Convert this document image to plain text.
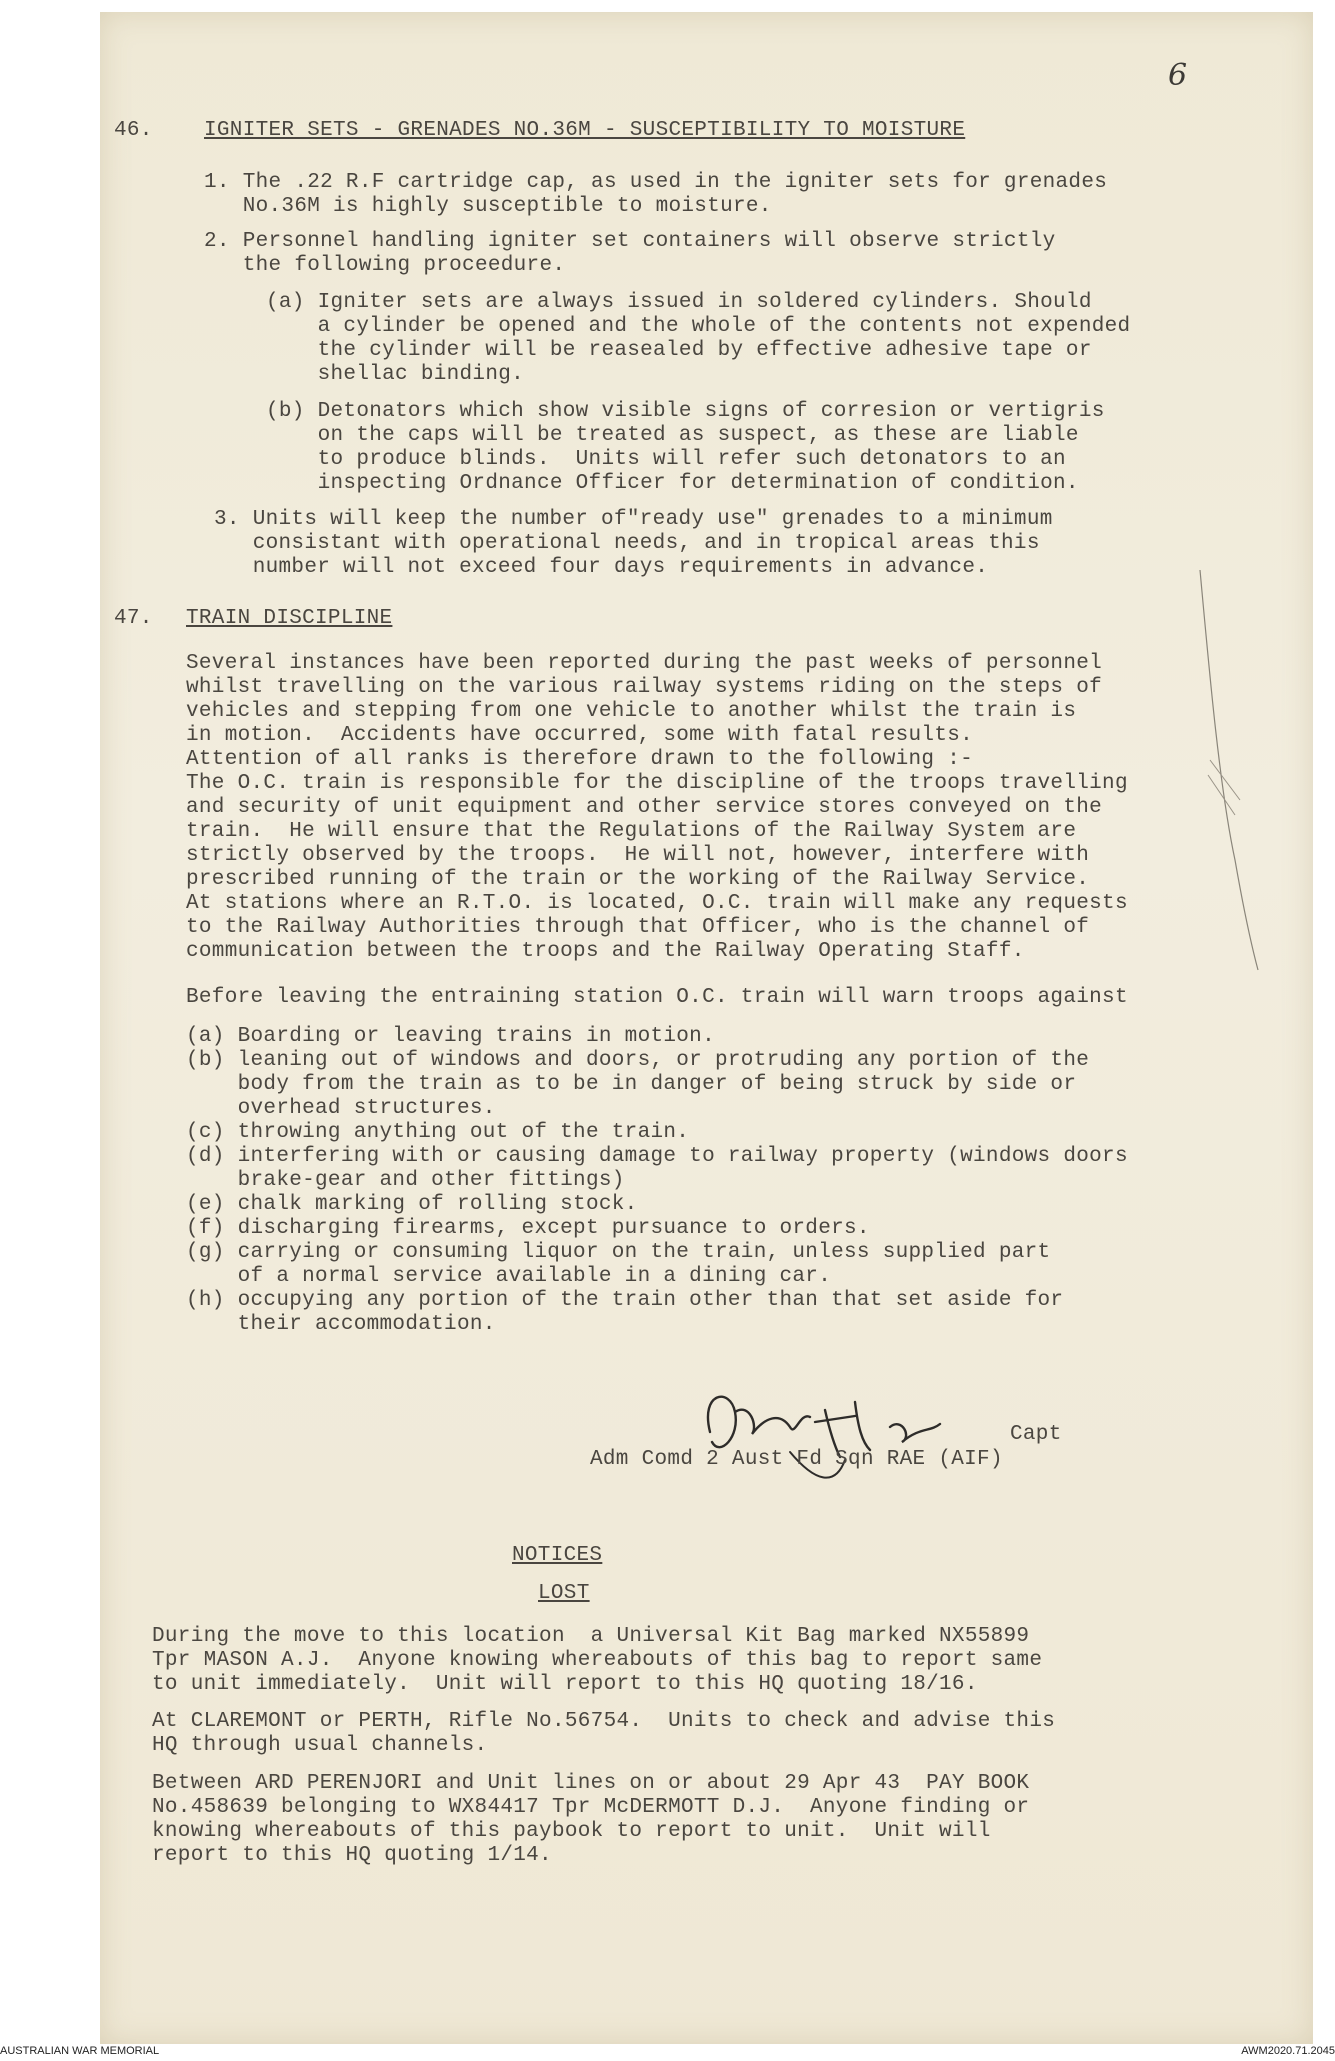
6
46. IGNITER SETS - GRENADES NO.36M - SUSCEPTIBILITY TO MOISTURE
1. The .22 R.F cartridge cap, as used in the igniter sets for grenades
No.36M is highly susceptible to moisture.
2. Personnel handling igniter set containers will observe strictly
the following proceedure.
(a) Igniter sets are always issued in soldered cylinders. Should
a cylinder be opened and the whole of the contents not expended
the cylinder will be reasealed by effective adhesive tape or
shellac binding.
(b) Detonators which show visible signs of corresion or vertigris
on the caps will be treated as suspect, as these are liable
to produce blinds.  Units will refer such detonators to an
inspecting Ordnance Officer for determination of condition.
3. Units will keep the number of"ready use" grenades to a minimum
consistant with operational needs, and in tropical areas this
number will not exceed four days requirements in advance.
47. TRAIN DISCIPLINE
Several instances have been reported during the past weeks of personnel
whilst travelling on the various railway systems riding on the steps of
vehicles and stepping from one vehicle to another whilst the train is
in motion.  Accidents have occurred, some with fatal results.
Attention of all ranks is therefore drawn to the following :-
The O.C. train is responsible for the discipline of the troops travelling
and security of unit equipment and other service stores conveyed on the
train.  He will ensure that the Regulations of the Railway System are
strictly observed by the troops.  He will not, however, interfere with
prescribed running of the train or the working of the Railway Service.
At stations where an R.T.O. is located, O.C. train will make any requests
to the Railway Authorities through that Officer, who is the channel of
communication between the troops and the Railway Operating Staff.
Before leaving the entraining station O.C. train will warn troops against
(a) Boarding or leaving trains in motion.
(b) leaning out of windows and doors, or protruding any portion of the
body from the train as to be in danger of being struck by side or
overhead structures.
(c) throwing anything out of the train.
(d) interfering with or causing damage to railway property (windows doors
brake-gear and other fittings)
(e) chalk marking of rolling stock.
(f) discharging firearms, except pursuance to orders.
(g) carrying or consuming liquor on the train, unless supplied part
of a normal service available in a dining car.
(h) occupying any portion of the train other than that set aside for
their accommodation.
Capt
Adm Comd 2 Aust Fd Sqn RAE (AIF)
NOTICES
LOST
During the move to this location  a Universal Kit Bag marked NX55899
Tpr MASON A.J.  Anyone knowing whereabouts of this bag to report same
to unit immediately.  Unit will report to this HQ quoting 18/16.
At CLAREMONT or PERTH, Rifle No.56754.  Units to check and advise this
HQ through usual channels.
Between ARD PERENJORI and Unit lines on or about 29 Apr 43  PAY BOOK
No.458639 belonging to WX84417 Tpr McDERMOTT D.J.  Anyone finding or
knowing whereabouts of this paybook to report to unit.  Unit will
report to this HQ quoting 1/14.
AUSTRALIAN WAR MEMORIAL	AWM2020.71.2045
